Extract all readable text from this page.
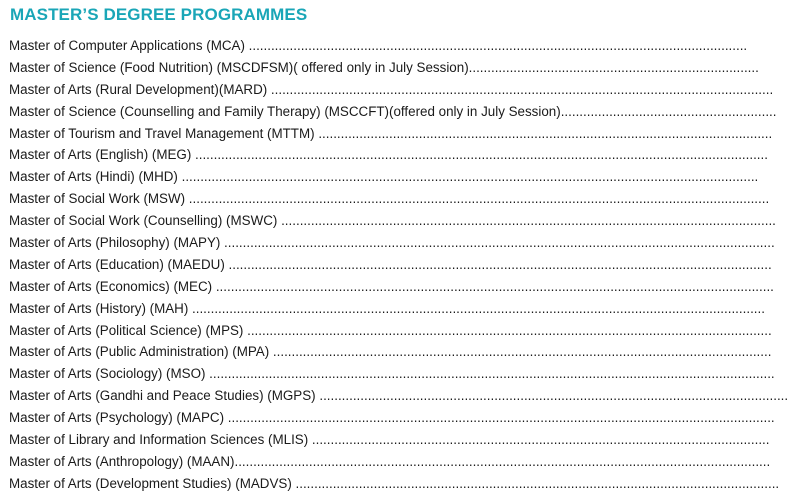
MASTER’S DEGREE PROGRAMMES
Master of Computer Applications (MCA) ......................................................................................................................................
Master of Science (Food Nutrition) (MSCDFSM)( offered only in July Session)..............................................................................
Master of Arts (Rural Development)(MARD) .......................................................................................................................................
Master of Science (Counselling and Family Therapy) (MSCCFT)(offered only in July Session)..........................................................
Master of Tourism and Travel Management (MTTM) ..........................................................................................................................
Master of Arts (English) (MEG) ..........................................................................................................................................................
Master of Arts (Hindi) (MHD) ...........................................................................................................................................................
Master of Social Work (MSW) ............................................................................................................................................................
Master of Social Work (Counselling) (MSWC) .....................................................................................................................................
Master of Arts (Philosophy) (MAPY) ....................................................................................................................................................
Master of Arts (Education) (MAEDU) ..................................................................................................................................................
Master of Arts (Economics) (MEC) ......................................................................................................................................................
Master of Arts (History) (MAH) ..........................................................................................................................................................
Master of Arts (Political Science) (MPS) .............................................................................................................................................
Master of Arts (Public Administration) (MPA) ......................................................................................................................................
Master of Arts (Sociology) (MSO) ........................................................................................................................................................
Master of Arts (Gandhi and Peace Studies) (MGPS) ..............................................................................................................................
Master of Arts (Psychology) (MAPC) ...................................................................................................................................................
Master of Library and Information Sciences (MLIS) ...........................................................................................................................
Master of Arts (Anthropology) (MAAN)................................................................................................................................................
Master of Arts (Development Studies) (MADVS) ..................................................................................................................................
